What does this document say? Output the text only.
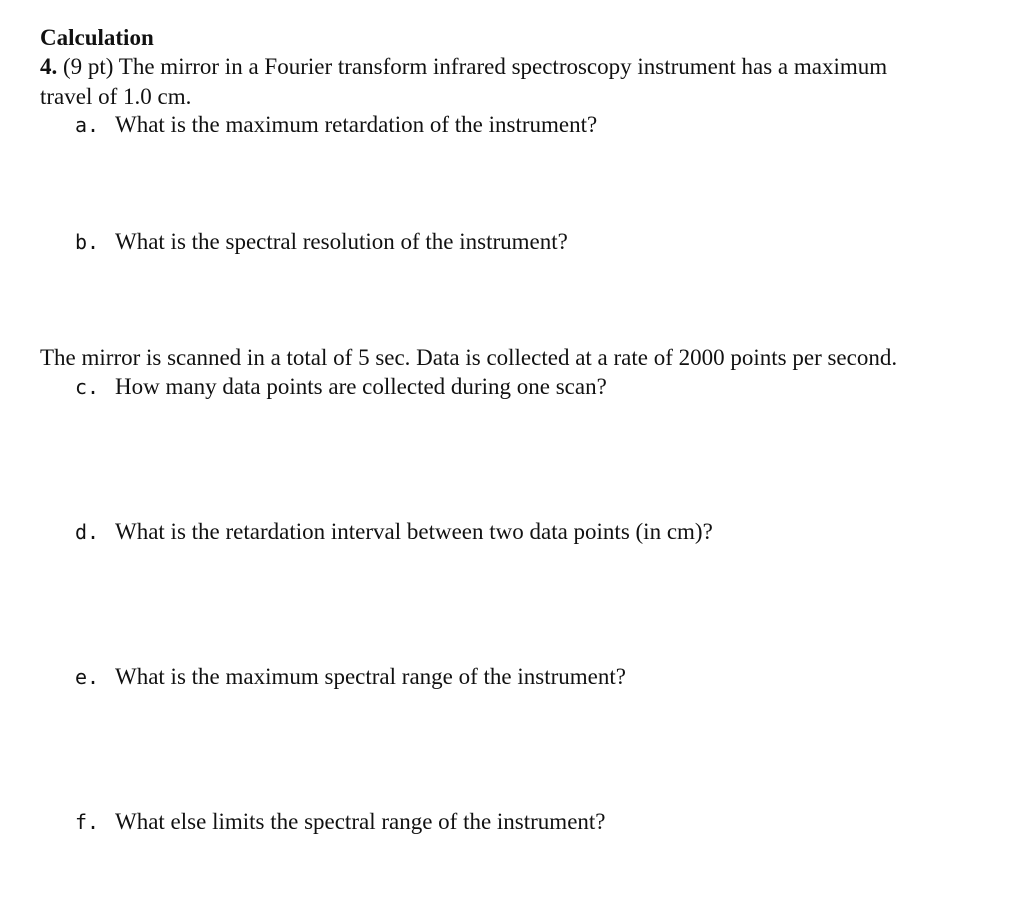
Calculation
4. (9 pt) The mirror in a Fourier transform infrared spectroscopy instrument has a maximum
travel of 1.0 cm.
a. What is the maximum retardation of the instrument?
b. What is the spectral resolution of the instrument?
The mirror is scanned in a total of 5 sec. Data is collected at a rate of 2000 points per second.
c. How many data points are collected during one scan?
d. What is the retardation interval between two data points (in cm)?
e. What is the maximum spectral range of the instrument?
f. What else limits the spectral range of the instrument?
